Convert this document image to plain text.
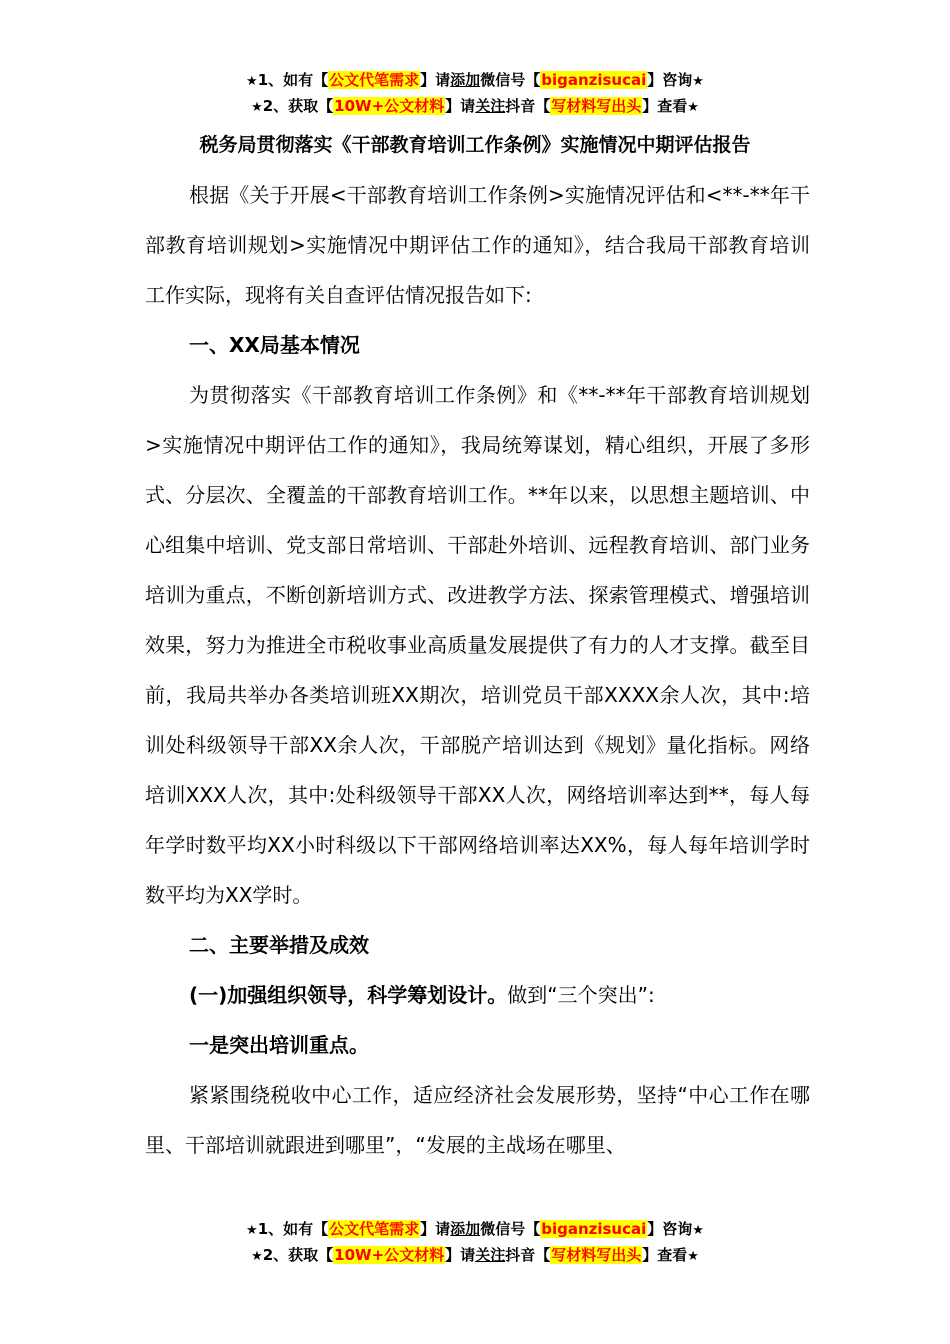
★1、如有【公文代笔需求】请添加微信号【biganzisucai】咨询★
★2、获取【10W+公文材料】请关注抖音【写材料写出头】查看★
税务局贯彻落实《干部教育培训工作条例》实施情况中期评估报告

根据《关于开展<干部教育培训工作条例>实施情况评估和<**-**年干部教育培训规划>实施情况中期评估工作的通知》，结合我局干部教育培训工作实际，现将有关自查评估情况报告如下:

一、XX局基本情况

为贯彻落实《干部教育培训工作条例》和《**-**年干部教育培训规划>实施情况中期评估工作的通知》，我局统筹谋划，精心组织，开展了多形式、分层次、全覆盖的干部教育培训工作。**年以来，以思想主题培训、中心组集中培训、党支部日常培训、干部赴外培训、远程教育培训、部门业务培训为重点，不断创新培训方式、改进教学方法、探索管理模式、增强培训效果，努力为推进全市税收事业高质量发展提供了有力的人才支撑。截至目前，我局共举办各类培训班XX期次，培训党员干部XXXX余人次，其中:培训处科级领导干部XX余人次，干部脱产培训达到《规划》量化指标。网络培训XXX人次，其中:处科级领导干部XX人次，网络培训率达到**，每人每年学时数平均XX小时科级以下干部网络培训率达XX%，每人每年培训学时数平均为XX学时。

二、主要举措及成效

(一)加强组织领导，科学筹划设计。做到“三个突出”:

一是突出培训重点。

紧紧围绕税收中心工作，适应经济社会发展形势，坚持“中心工作在哪里、干部培训就跟进到哪里”，“发展的主战场在哪里、

★1、如有【公文代笔需求】请添加微信号【biganzisucai】咨询★
★2、获取【10W+公文材料】请关注抖音【写材料写出头】查看★
